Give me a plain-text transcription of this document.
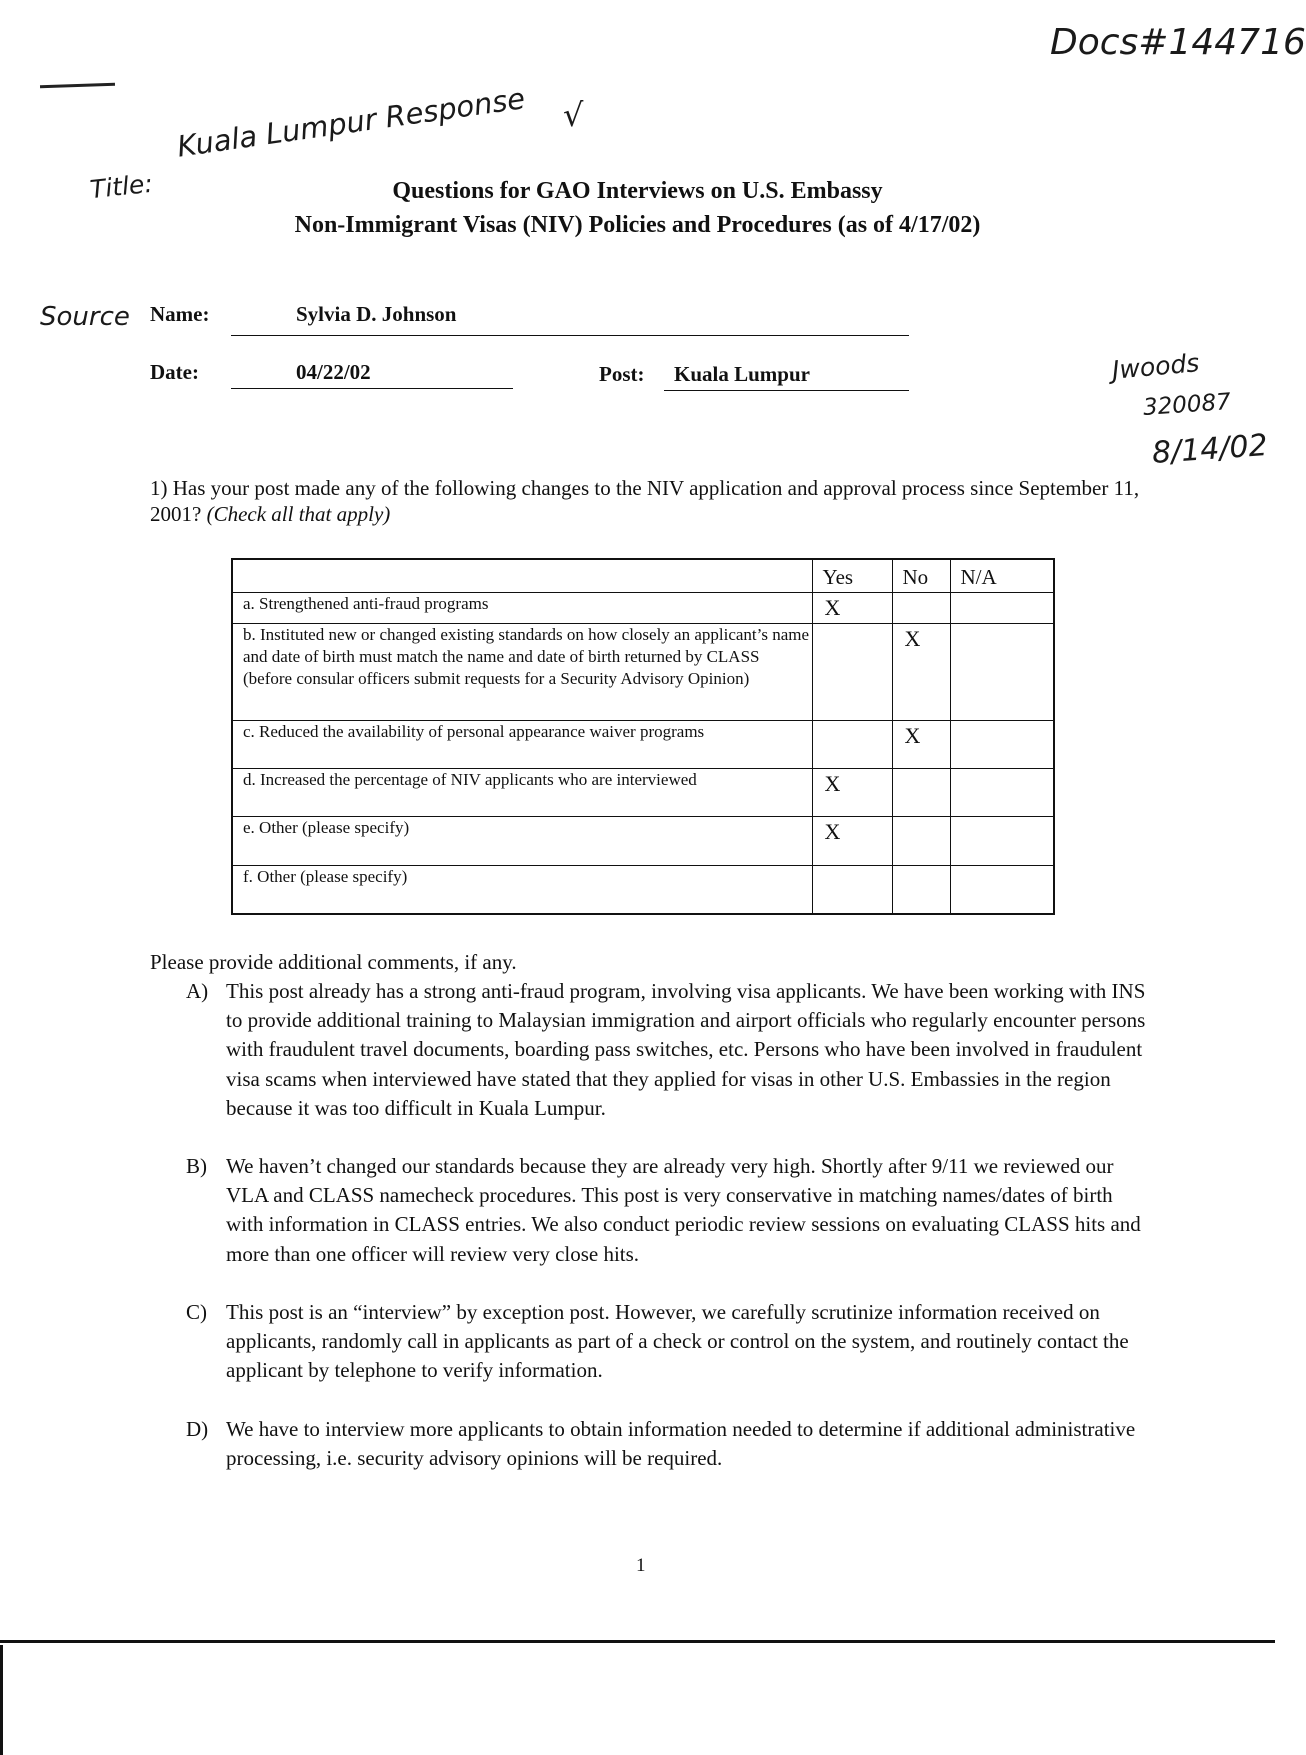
Docs#144716
√
Title:
Kuala Lumpur Response
Source
Jwoods
320087
8/14/02
Questions for GAO Interviews on U.S. Embassy
Non-Immigrant Visas (NIV) Policies and Procedures (as of 4/17/02)
Name:	Sylvia D. Johnson
Date:	04/22/02	Post: Kuala Lumpur
1) Has your post made any of the following changes to the NIV application and approval process since September 11, 2001? (Check all that apply)
	Yes	No	N/A
a. Strengthened anti-fraud programs	X		
b. Instituted new or changed existing standards on how closely an applicant’s name and date of birth must match the name and date of birth returned by CLASS (before consular officers submit requests for a Security Advisory Opinion)		X	
c. Reduced the availability of personal appearance waiver programs		X	
d. Increased the percentage of NIV applicants who are interviewed	X		
e. Other (please specify)	X		
f. Other (please specify)			
Please provide additional comments, if any.
A) This post already has a strong anti-fraud program, involving visa applicants. We have been working with INS to provide additional training to Malaysian immigration and airport officials who regularly encounter persons with fraudulent travel documents, boarding pass switches, etc. Persons who have been involved in fraudulent visa scams when interviewed have stated that they applied for visas in other U.S. Embassies in the region because it was too difficult in Kuala Lumpur.
B) We haven’t changed our standards because they are already very high. Shortly after 9/11 we reviewed our VLA and CLASS namecheck procedures. This post is very conservative in matching names/dates of birth with information in CLASS entries. We also conduct periodic review sessions on evaluating CLASS hits and more than one officer will review very close hits.
C) This post is an “interview” by exception post. However, we carefully scrutinize information received on applicants, randomly call in applicants as part of a check or control on the system, and routinely contact the applicant by telephone to verify information.
D) We have to interview more applicants to obtain information needed to determine if additional administrative processing, i.e. security advisory opinions will be required.
1
